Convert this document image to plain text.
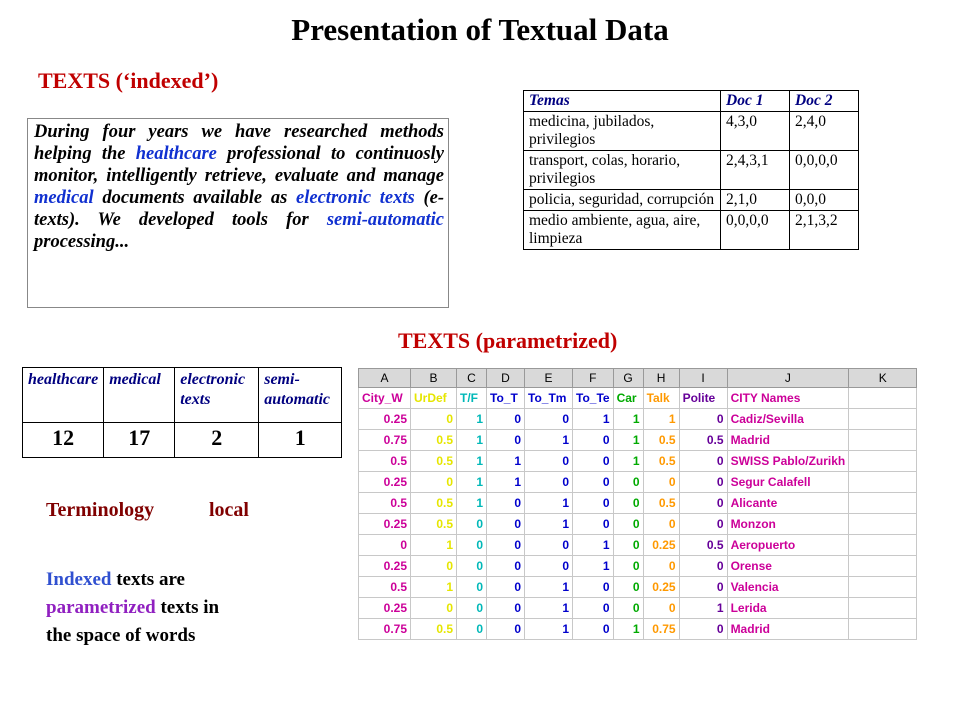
Presentation of Textual Data
TEXTS (‘indexed’)
During four years we have researched methods helping the healthcare professional to continuosly monitor, intelligently retrieve, evaluate and manage medical documents available as electronic texts (e-texts). We developed tools for semi-automatic processing...
Temas	Doc 1	Doc 2
medicina, jubilados, privilegios	4,3,0	2,4,0
transport, colas, horario, privilegios	2,4,3,1	0,0,0,0
policia, seguridad, corrupción	2,1,0	0,0,0
medio ambiente, agua, aire, limpieza	0,0,0,0	2,1,3,2
TEXTS (parametrized)
healthcare	medical	electronic texts	semi- automatic
12	17	2	1
Terminology	local
Indexed texts are
parametrized texts in
the space of words
A	B	C	D	E	F	G	H	I	J	K
City_W	UrDef	T/F	To_T	To_Tm	To_Te	Car	Talk	Polite	CITY Names	
0.25	0	1	0	0	1	1	1	0	Cadiz/Sevilla	
0.75	0.5	1	0	1	0	1	0.5	0.5	Madrid	
0.5	0.5	1	1	0	0	1	0.5	0	SWISS Pablo/Zurikh	
0.25	0	1	1	0	0	0	0	0	Segur Calafell	
0.5	0.5	1	0	1	0	0	0.5	0	Alicante	
0.25	0.5	0	0	1	0	0	0	0	Monzon	
0	1	0	0	0	1	0	0.25	0.5	Aeropuerto	
0.25	0	0	0	0	1	0	0	0	Orense	
0.5	1	0	0	1	0	0	0.25	0	Valencia	
0.25	0	0	0	1	0	0	0	1	Lerida	
0.75	0.5	0	0	1	0	1	0.75	0	Madrid	
